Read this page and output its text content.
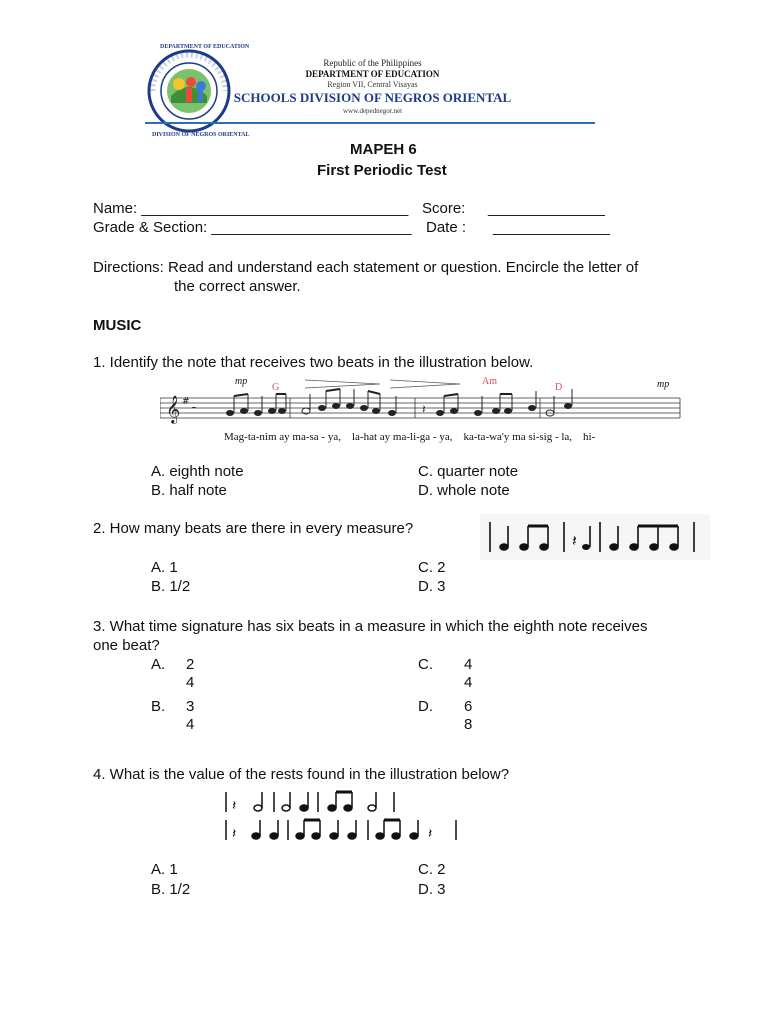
DEPARTMENT OF EDUCATION
DIVISION OF NEGROS ORIENTAL
Republic of the Philippines
DEPARTMENT OF EDUCATION
Region VII, Central Visayas
SCHOOLS DIVISION OF NEGROS ORIENTAL
www.depednegor.net
MAPEH 6
First Periodic Test
Name: ________________________________ Score: ______________
Grade & Section: ________________________ Date : ______________
Directions: Read and understand each statement or question. Encircle the letter of
the correct answer.
MUSIC
1. Identify the note that receives two beats in the illustration below.
𝄞 #
𝄻	𝄽
mp	mp
G
Am
D
Mag-ta-nim ay ma-sa - ya,    la-hat ay ma-li-ga - ya,    ka-ta-wa'y ma si-sig - la,    hi-
A. eighth note	C. quarter note
B. half note	D. whole note
2. How many beats are there in every measure?
𝄽
A. 1	C. 2
B. 1/2	D. 3
3. What time signature has six beats in a measure in which the eighth note receives
one beat?
A. 2
4
C. 4
4
B. 3
4
D. 6
8
4. What is the value of the rests found in the illustration below?
𝄽
𝄽	𝄽
A. 1	C. 2
B. 1/2	D. 3
